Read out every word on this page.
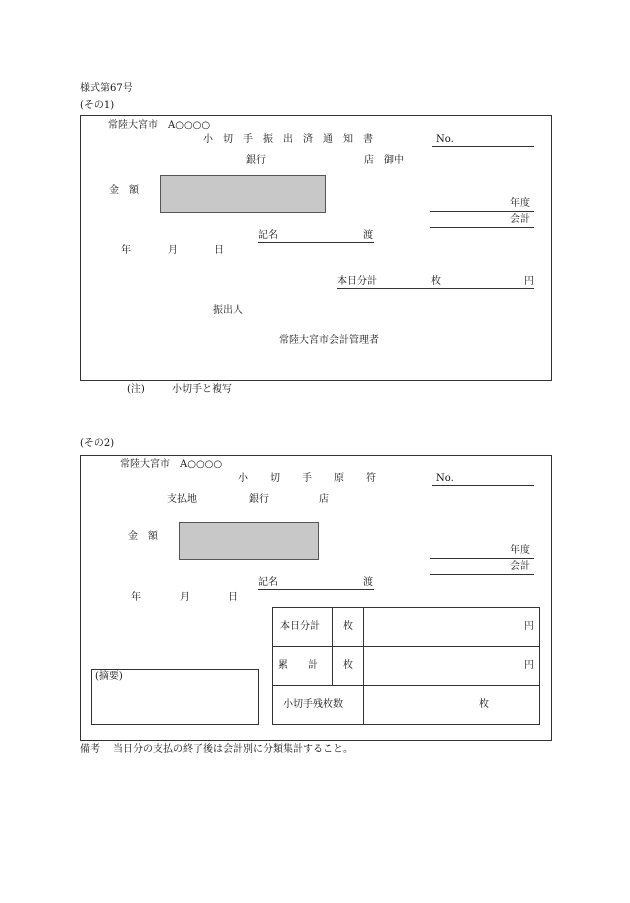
様式第67号
(その1)
常陸大宮市　A○○○○
小切手振出済通知書	No.
銀行	店 御中
金　額
年度
会計
記名	渡
年	月	日
本日分計	枚	円
振出人
常陸大宮市会計管理者
(注)	小切手と複写
(その2)
常陸大宮市　A○○○○
小切手原符	No.
支払地	銀行	店
金　額
年度
会計
記名	渡
年	月	日
(摘要)
本日分計 枚	円
累　　計	枚	円
小切手残枚数	枚
備考 当日分の支払の終了後は会計別に分類集計すること。
